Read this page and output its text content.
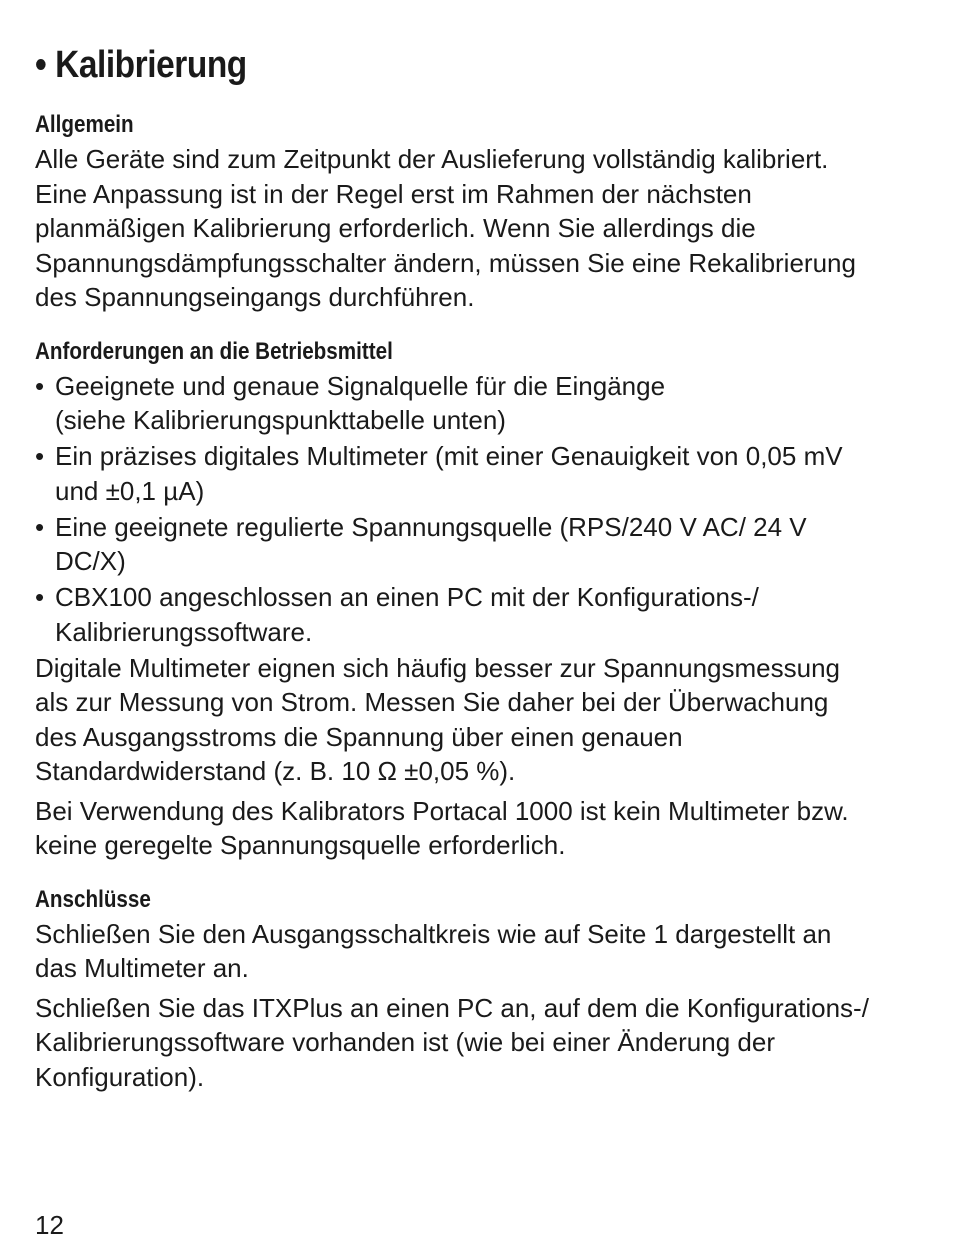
• Kalibrierung
Allgemein

Alle Geräte sind zum Zeitpunkt der Auslieferung vollständig kalibriert.
Eine Anpassung ist in der Regel erst im Rahmen der nächsten
planmäßigen Kalibrierung erforderlich. Wenn Sie allerdings die
Spannungsdämpfungsschalter ändern, müssen Sie eine Rekalibrierung
des Spannungseingangs durchführen.

Anforderungen an die Betriebsmittel
• Geeignete und genaue Signalquelle für die Eingänge
(siehe Kalibrierungspunkttabelle unten)
• Ein präzises digitales Multimeter (mit einer Genauigkeit von 0,05 mV
und ±0,1 µA)
• Eine geeignete regulierte Spannungsquelle (RPS/240 V AC/ 24 V
DC/X)
• CBX100 angeschlossen an einen PC mit der Konfigurations-/
Kalibrierungssoftware.

Digitale Multimeter eignen sich häufig besser zur Spannungsmessung
als zur Messung von Strom. Messen Sie daher bei der Überwachung
des Ausgangsstroms die Spannung über einen genauen
Standardwiderstand (z. B. 10 Ω ±0,05 %).

Bei Verwendung des Kalibrators Portacal 1000 ist kein Multimeter bzw.
keine geregelte Spannungsquelle erforderlich.

Anschlüsse

Schließen Sie den Ausgangsschaltkreis wie auf Seite 1 dargestellt an
das Multimeter an.

Schließen Sie das ITXPlus an einen PC an, auf dem die Konfigurations-/
Kalibrierungssoftware vorhanden ist (wie bei einer Änderung der
Konfiguration).

12
